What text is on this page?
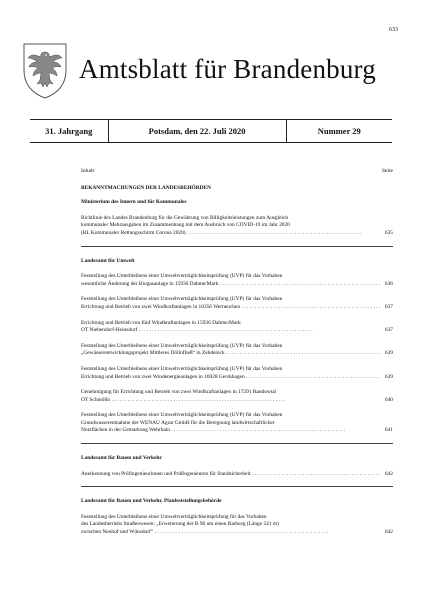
633
Amtsblatt für Brandenburg
31. Jahrgang	Potsdam, den 22. Juli 2020	Nummer 29
Inhalt	Seite
BEKANNTMACHUNGEN DER LANDESBEHÖRDEN
Ministerium des Innern und für Kommunales
Richtlinie des Landes Brandenburg für die Gewährung von Billigkeitsleistungen zum Ausgleich
kommunaler Mehrausgaben im Zusammenhang mit dem Ausbruch von COVID-19 im Jahr 2020
(RL Kommunaler Rettungsschirm Corona 2020) . . .	635
Landesamt für Umwelt
Feststellung des Unterbleibens einer Umweltverträglichkeitsprüfung (UVP) für das Vorhaben
wesentliche Änderung der Biogasanlage in 15936 Dahme/Mark . . .	636
Feststellung des Unterbleibens einer Umweltverträglichkeitsprüfung (UVP) für das Vorhaben
Errichtung und Betrieb von zwei Windkraftanlagen in 16356 Werneuchen . . .	637
Errichtung und Betrieb von fünf Windkraftanlagen in 15936 Dahme/Mark
OT Niebendorf-Heinsdorf . . .	637
Feststellung des Unterbleibens einer Umweltverträglichkeitsprüfung (UVP) für das Vorhaben
„Gewässerentwicklungsprojekt Mittleres Döllnfließ“ in Zehdenick . . .	639
Feststellung des Unterbleibens einer Umweltverträglichkeitsprüfung (UVP) für das Vorhaben
Errichtung und Betrieb von zwei Windenergieanlagen in 16928 Gerdshagen . . .	639
Genehmigung für Errichtung und Betrieb von zwei Windkraftanlagen in 17291 Randowtal
OT Schmölln . . .	640
Feststellung des Unterbleibens einer Umweltverträglichkeitsprüfung (UVP) für das Vorhaben
Grundwasserentnahme der WENAU Agrar GmbH für die Beregnung landwirtschaftlicher
Nutzflächen in der Gemarkung Wehrhain . . .	641
Landesamt für Bauen und Verkehr
Anerkennung von Prüfingenieurinnen und Prüfingenieuren für Standsicherheit . . .	642
Landesamt für Bauen und Verkehr, Planfeststellungsbehörde
Feststellung des Unterbleibens einer Umweltverträglichkeitsprüfung für das Vorhaben
des Landesbetriebs Straßenwesen: „Erweiterung der B 96 um einen Radweg (Länge 541 m)
zwischen Neuhof und Wünsdorf“ . . .	642
